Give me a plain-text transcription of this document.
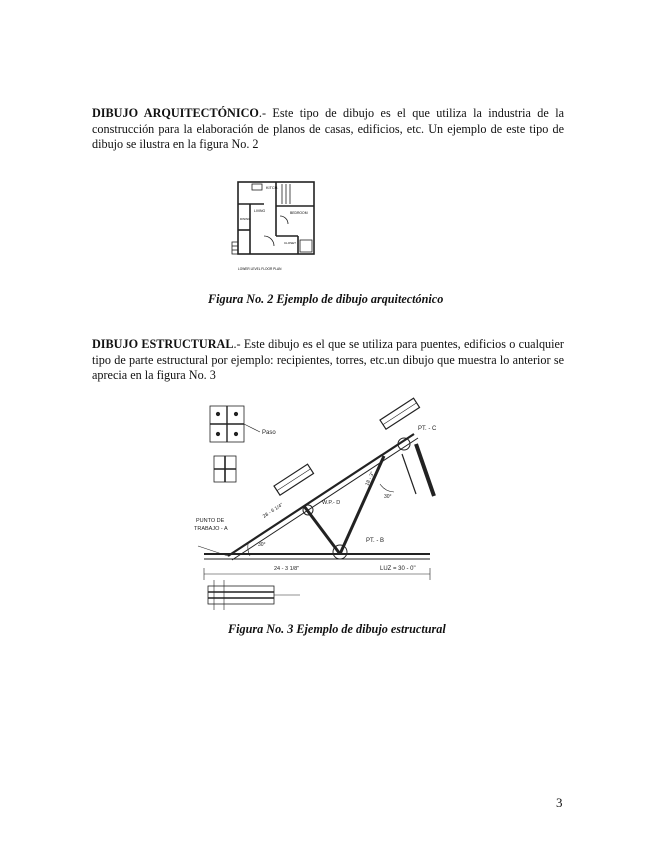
DIBUJO ARQUITECTÓNICO.- Este tipo de dibujo es el que utiliza la industria de la construcción para la elaboración de planos de casas, edificios, etc. Un ejemplo de este tipo de dibujo se ilustra en la figura No. 2

KITCH.
BEDROOM
LIVING
DINING
CLOSET
LOWER LEVEL FLOOR PLAN

Figura No. 2 Ejemplo de dibujo arquitectónico

DIBUJO ESTRUCTURAL.- Este dibujo es el que se utiliza para puentes, edificios o cualquier tipo de parte estructural por ejemplo: recipientes, torres, etc.un dibujo que muestra lo anterior se aprecia en la figura No. 3

Paso
PT. - C
PT. - B
W.P.- D
PUNTO DE
TRABAJO - A
LUZ = 30 - 0"
30°
30°
24 - 3 1/8"
28 - 6 1/4"
18 - 3"

Figura No. 3 Ejemplo de dibujo estructural

3
